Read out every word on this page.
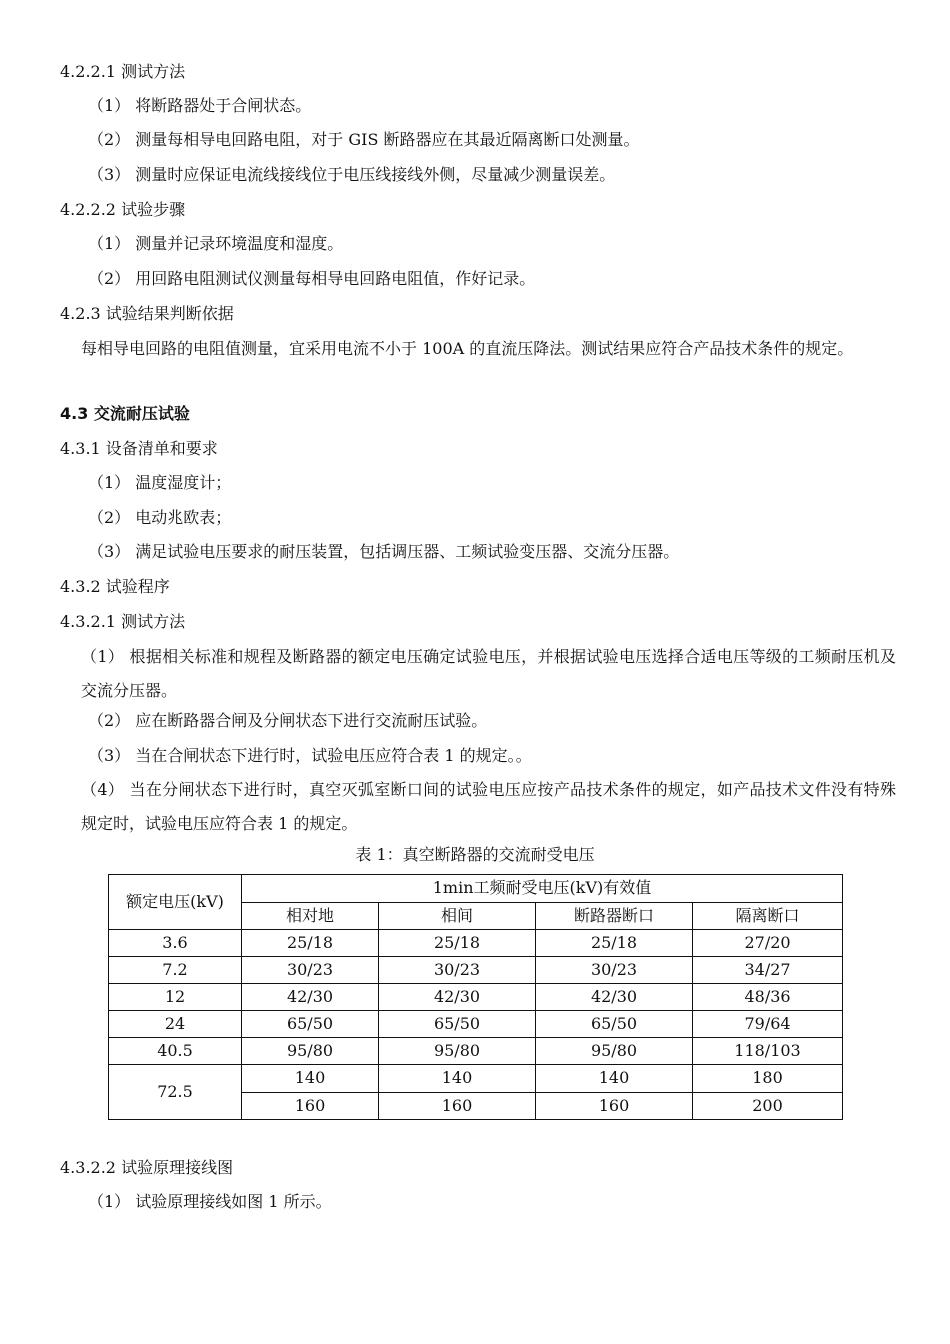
4.2.2.1 测试方法
（1） 将断路器处于合闸状态。
（2） 测量每相导电回路电阻，对于 GIS 断路器应在其最近隔离断口处测量。
（3） 测量时应保证电流线接线位于电压线接线外侧，尽量减少测量误差。
4.2.2.2 试验步骤
（1） 测量并记录环境温度和湿度。
（2） 用回路电阻测试仪测量每相导电回路电阻值，作好记录。
4.2.3 试验结果判断依据
每相导电回路的电阻值测量，宜采用电流不小于 100A 的直流压降法。测试结果应符合产品技术条件的规定。
4.3 交流耐压试验
4.3.1 设备清单和要求
（1） 温度湿度计；
（2） 电动兆欧表；
（3） 满足试验电压要求的耐压装置，包括调压器、工频试验变压器、交流分压器。
4.3.2 试验程序
4.3.2.1 测试方法
（1） 根据相关标准和规程及断路器的额定电压确定试验电压，并根据试验电压选择合适电压等级的工频耐压机及交流分压器。
（2） 应在断路器合闸及分闸状态下进行交流耐压试验。
（3） 当在合闸状态下进行时，试验电压应符合表 1 的规定。。
（4） 当在分闸状态下进行时，真空灭弧室断口间的试验电压应按产品技术条件的规定，如产品技术文件没有特殊规定时，试验电压应符合表 1 的规定。
表 1：真空断路器的交流耐受电压
额定电压(kV)	1min工频耐受电压(kV)有效值			
	相对地	相间	断路器断口	隔离断口
3.6	25/18	25/18	25/18	27/20
7.2	30/23	30/23	30/23	34/27
12	42/30	42/30	42/30	48/36
24	65/50	65/50	65/50	79/64
40.5	95/80	95/80	95/80	118/103
72.5	140	140	140	180
	160	160	160	200
4.3.2.2 试验原理接线图
（1） 试验原理接线如图 1 所示。
